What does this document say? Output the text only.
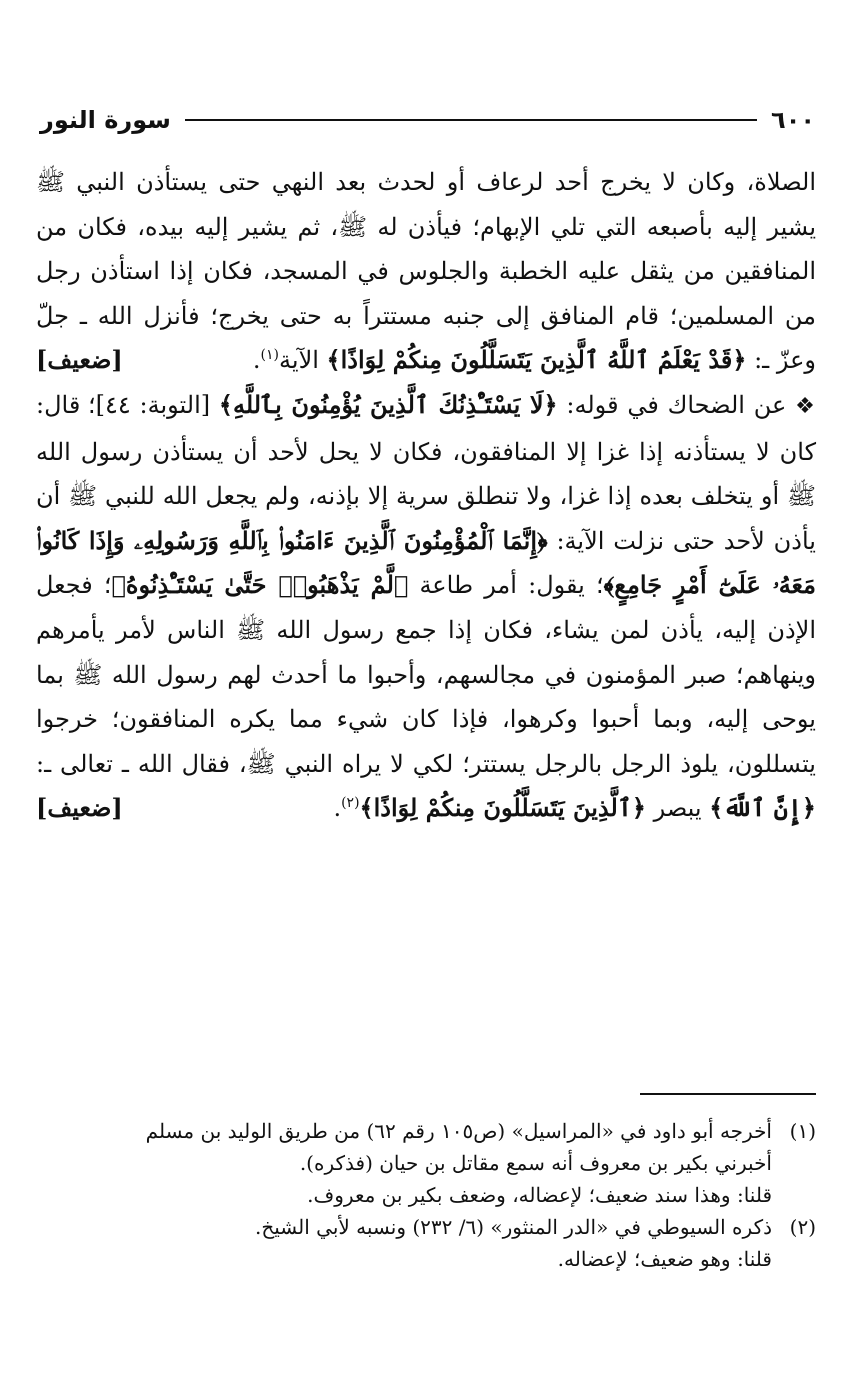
٦٠٠
سورة النور

الصلاة، وكان لا يخرج أحد لرعاف أو لحدث بعد النهي حتى يستأذن النبي ﷺ يشير إليه بأصبعه التي تلي الإبهام؛ فيأذن له ﷺ، ثم يشير إليه بيده، فكان من المنافقين من يثقل عليه الخطبة والجلوس في المسجد، فكان إذا استأذن رجل من المسلمين؛ قام المنافق إلى جنبه مستتراً به حتى يخرج؛ فأنزل الله ـ جلّ وعزّ ـ: ﴿قَدْ يَعْلَمُ ٱللَّهُ ٱلَّذِينَ يَتَسَلَّلُونَ مِنكُمْ لِوَاذًا﴾ الآية$^{(١)}$.
[ضعيف]

❖ عن الضحاك في قوله: ﴿لَا يَسْتَـْٔذِنُكَ ٱلَّذِينَ يُؤْمِنُونَ بِٱللَّهِ﴾ [التوبة: ٤٤]؛ قال: كان لا يستأذنه إذا غزا إلا المنافقون، فكان لا يحل لأحد أن يستأذن رسول الله ﷺ أو يتخلف بعده إذا غزا، ولا تنطلق سرية إلا بإذنه، ولم يجعل الله للنبي ﷺ أن يأذن لأحد حتى نزلت الآية: ﴿إِنَّمَا ٱلْمُؤْمِنُونَ ٱلَّذِينَ ءَامَنُوا۟ بِٱللَّهِ وَرَسُولِهِۦ وَإِذَا كَانُوا۟ مَعَهُۥ عَلَىٰٓ أَمْرٍ جَامِعٍ﴾؛ يقول: أمر طاعة ﴿لَّمْ يَذْهَبُوا۟ حَتَّىٰ يَسْتَـْٔذِنُوهُ﴾؛ فجعل الإذن إليه، يأذن لمن يشاء، فكان إذا جمع رسول الله ﷺ الناس لأمر يأمرهم وينهاهم؛ صبر المؤمنون في مجالسهم، وأحبوا ما أحدث لهم رسول الله ﷺ بما يوحى إليه، وبما أحبوا وكرهوا، فإذا كان شيء مما يكره المنافقون؛ خرجوا يتسللون، يلوذ الرجل بالرجل يستتر؛ لكي لا يراه النبي ﷺ، فقال الله ـ تعالى ـ: ﴿إِنَّ ٱللَّهَ﴾ يبصر ﴿ٱلَّذِينَ يَتَسَلَّلُونَ مِنكُمْ لِوَاذًا﴾$^{(٢)}$.
[ضعيف]

(١)أخرجه أبو داود في «المراسيل» (ص١٠٥ رقم ٦٢) من طريق الوليد بن مسلم

أخبرني بكير بن معروف أنه سمع مقاتل بن حيان (فذكره).

قلنا: وهذا سند ضعيف؛ لإعضاله، وضعف بكير بن معروف.

(٢)ذكره السيوطي في «الدر المنثور» (٦/ ٢٣٢) ونسبه لأبي الشيخ.

قلنا: وهو ضعيف؛ لإعضاله.
